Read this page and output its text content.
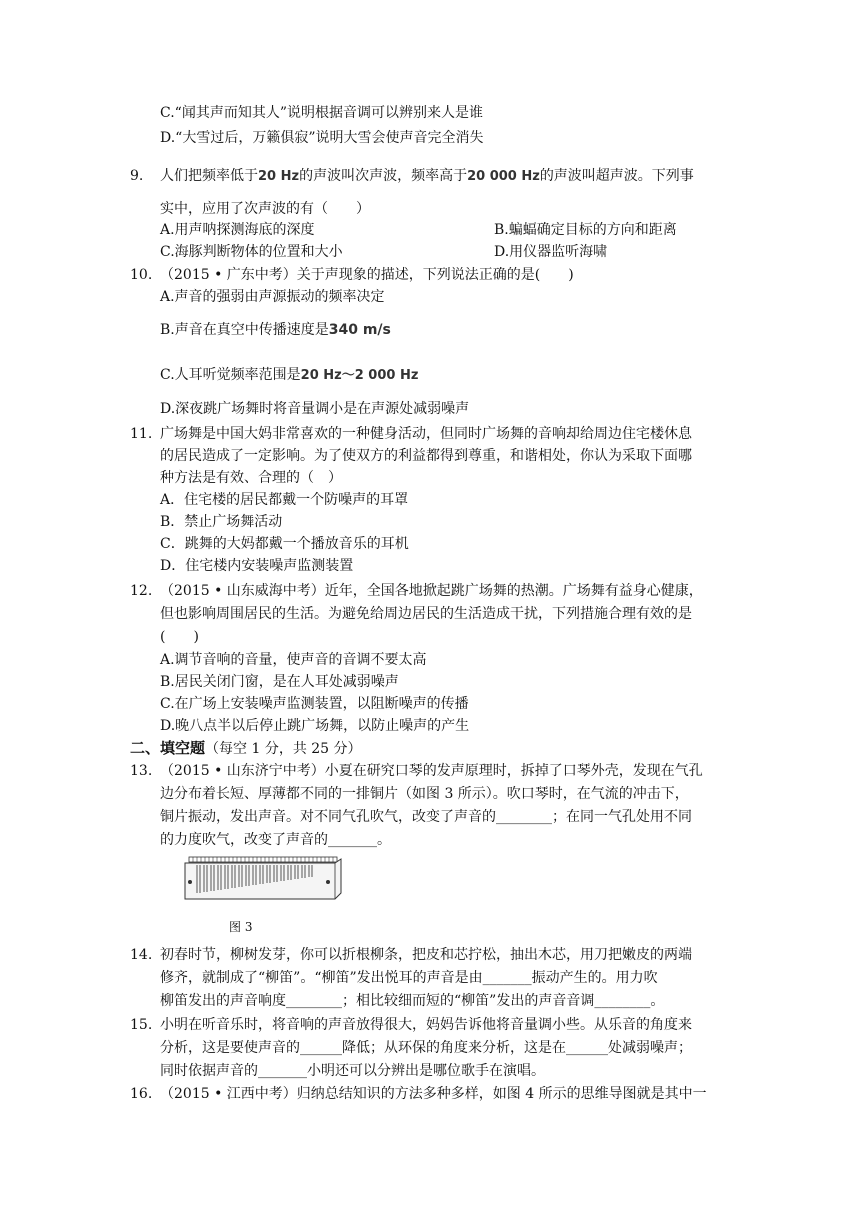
C.“闻其声而知其人”说明根据音调可以辨别来人是谁
D.“大雪过后，万籁俱寂”说明大雪会使声音完全消失
9. 人们把频率低于20 Hz的声波叫次声波，频率高于20 000 Hz的声波叫超声波。下列事
实中，应用了次声波的有（　　）
A.用声呐探测海底的深度	B.蝙蝠确定目标的方向和距离
C.海豚判断物体的位置和大小	D.用仪器监听海啸
10. （2015 • 广东中考）关于声现象的描述，下列说法正确的是(　　)
A.声音的强弱由声源振动的频率决定
B.声音在真空中传播速度是340 m/s
C.人耳听觉频率范围是20 Hz～2 000 Hz
D.深夜跳广场舞时将音量调小是在声源处减弱噪声
11. 广场舞是中国大妈非常喜欢的一种健身活动，但同时广场舞的音响却给周边住宅楼休息
的居民造成了一定影响。为了使双方的利益都得到尊重，和谐相处，你认为采取下面哪
种方法是有效、合理的（　）
A．住宅楼的居民都戴一个防噪声的耳罩
B．禁止广场舞活动
C．跳舞的大妈都戴一个播放音乐的耳机
D．住宅楼内安装噪声监测装置
12. （2015 • 山东威海中考）近年，全国各地掀起跳广场舞的热潮。广场舞有益身心健康，
但也影响周围居民的生活。为避免给周边居民的生活造成干扰，下列措施合理有效的是
(　　)
A.调节音响的音量，使声音的音调不要太高
B.居民关闭门窗，是在人耳处减弱噪声
C.在广场上安装噪声监测装置，以阻断噪声的传播
D.晚八点半以后停止跳广场舞，以防止噪声的产生
二、填空题（每空 1 分，共 25 分）
13. （2015 • 山东济宁中考）小夏在研究口琴的发声原理时，拆掉了口琴外壳，发现在气孔
边分布着长短、厚薄都不同的一排铜片（如图 3 所示）。吹口琴时，在气流的冲击下，
铜片振动，发出声音。对不同气孔吹气，改变了声音的________；在同一气孔处用不同
的力度吹气，改变了声音的_______。
图 3
14. 初春时节，柳树发芽，你可以折根柳条，把皮和芯拧松，抽出木芯，用刀把嫩皮的两端
修齐，就制成了“柳笛”。“柳笛”发出悦耳的声音是由_______振动产生的。用力吹
柳笛发出的声音响度________；相比较细而短的“柳笛”发出的声音音调________。
15. 小明在听音乐时，将音响的声音放得很大，妈妈告诉他将音量调小些。从乐音的角度来
分析，这是要使声音的______降低；从环保的角度来分析，这是在______处减弱噪声；
同时依据声音的_______小明还可以分辨出是哪位歌手在演唱。
16. （2015 • 江西中考）归纳总结知识的方法多种多样，如图 4 所示的思维导图就是其中一
